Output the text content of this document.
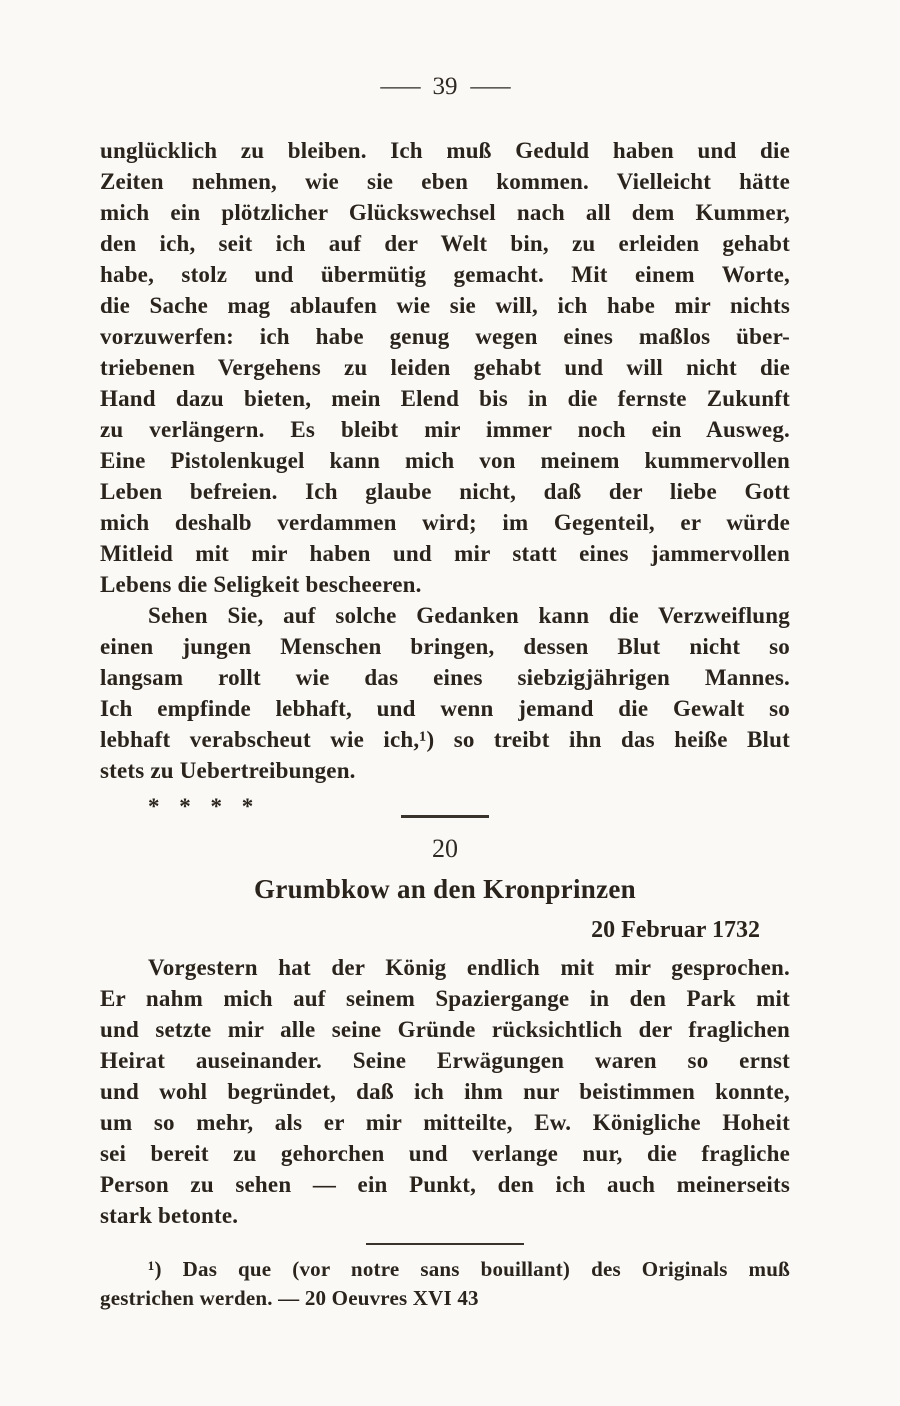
— 39 —
unglücklich zu bleiben. Ich muß Geduld haben und die
Zeiten nehmen, wie sie eben kommen. Vielleicht hätte
mich ein plötzlicher Glückswechsel nach all dem Kummer,
den ich, seit ich auf der Welt bin, zu erleiden gehabt
habe, stolz und übermütig gemacht. Mit einem Worte,
die Sache mag ablaufen wie sie will, ich habe mir nichts
vorzuwerfen: ich habe genug wegen eines maßlos über-
triebenen Vergehens zu leiden gehabt und will nicht die
Hand dazu bieten, mein Elend bis in die fernste Zukunft
zu verlängern. Es bleibt mir immer noch ein Ausweg.
Eine Pistolenkugel kann mich von meinem kummervollen
Leben befreien. Ich glaube nicht, daß der liebe Gott
mich deshalb verdammen wird; im Gegenteil, er würde
Mitleid mit mir haben und mir statt eines jammervollen
Lebens die Seligkeit bescheeren.
Sehen Sie, auf solche Gedanken kann die Verzweiflung
einen jungen Menschen bringen, dessen Blut nicht so
langsam rollt wie das eines siebzigjährigen Mannes.
Ich empfinde lebhaft, und wenn jemand die Gewalt so
lebhaft verabscheut wie ich,¹) so treibt ihn das heiße Blut
stets zu Uebertreibungen.
* * * *
20
Grumbkow an den Kronprinzen
20 Februar 1732
Vorgestern hat der König endlich mit mir gesprochen.
Er nahm mich auf seinem Spaziergange in den Park mit
und setzte mir alle seine Gründe rücksichtlich der fraglichen
Heirat auseinander. Seine Erwägungen waren so ernst
und wohl begründet, daß ich ihm nur beistimmen konnte,
um so mehr, als er mir mitteilte, Ew. Königliche Hoheit
sei bereit zu gehorchen und verlange nur, die fragliche
Person zu sehen — ein Punkt, den ich auch meinerseits
stark betonte.
¹) Das que (vor notre sans bouillant) des Originals muß
gestrichen werden. — 20 Oeuvres XVI 43
